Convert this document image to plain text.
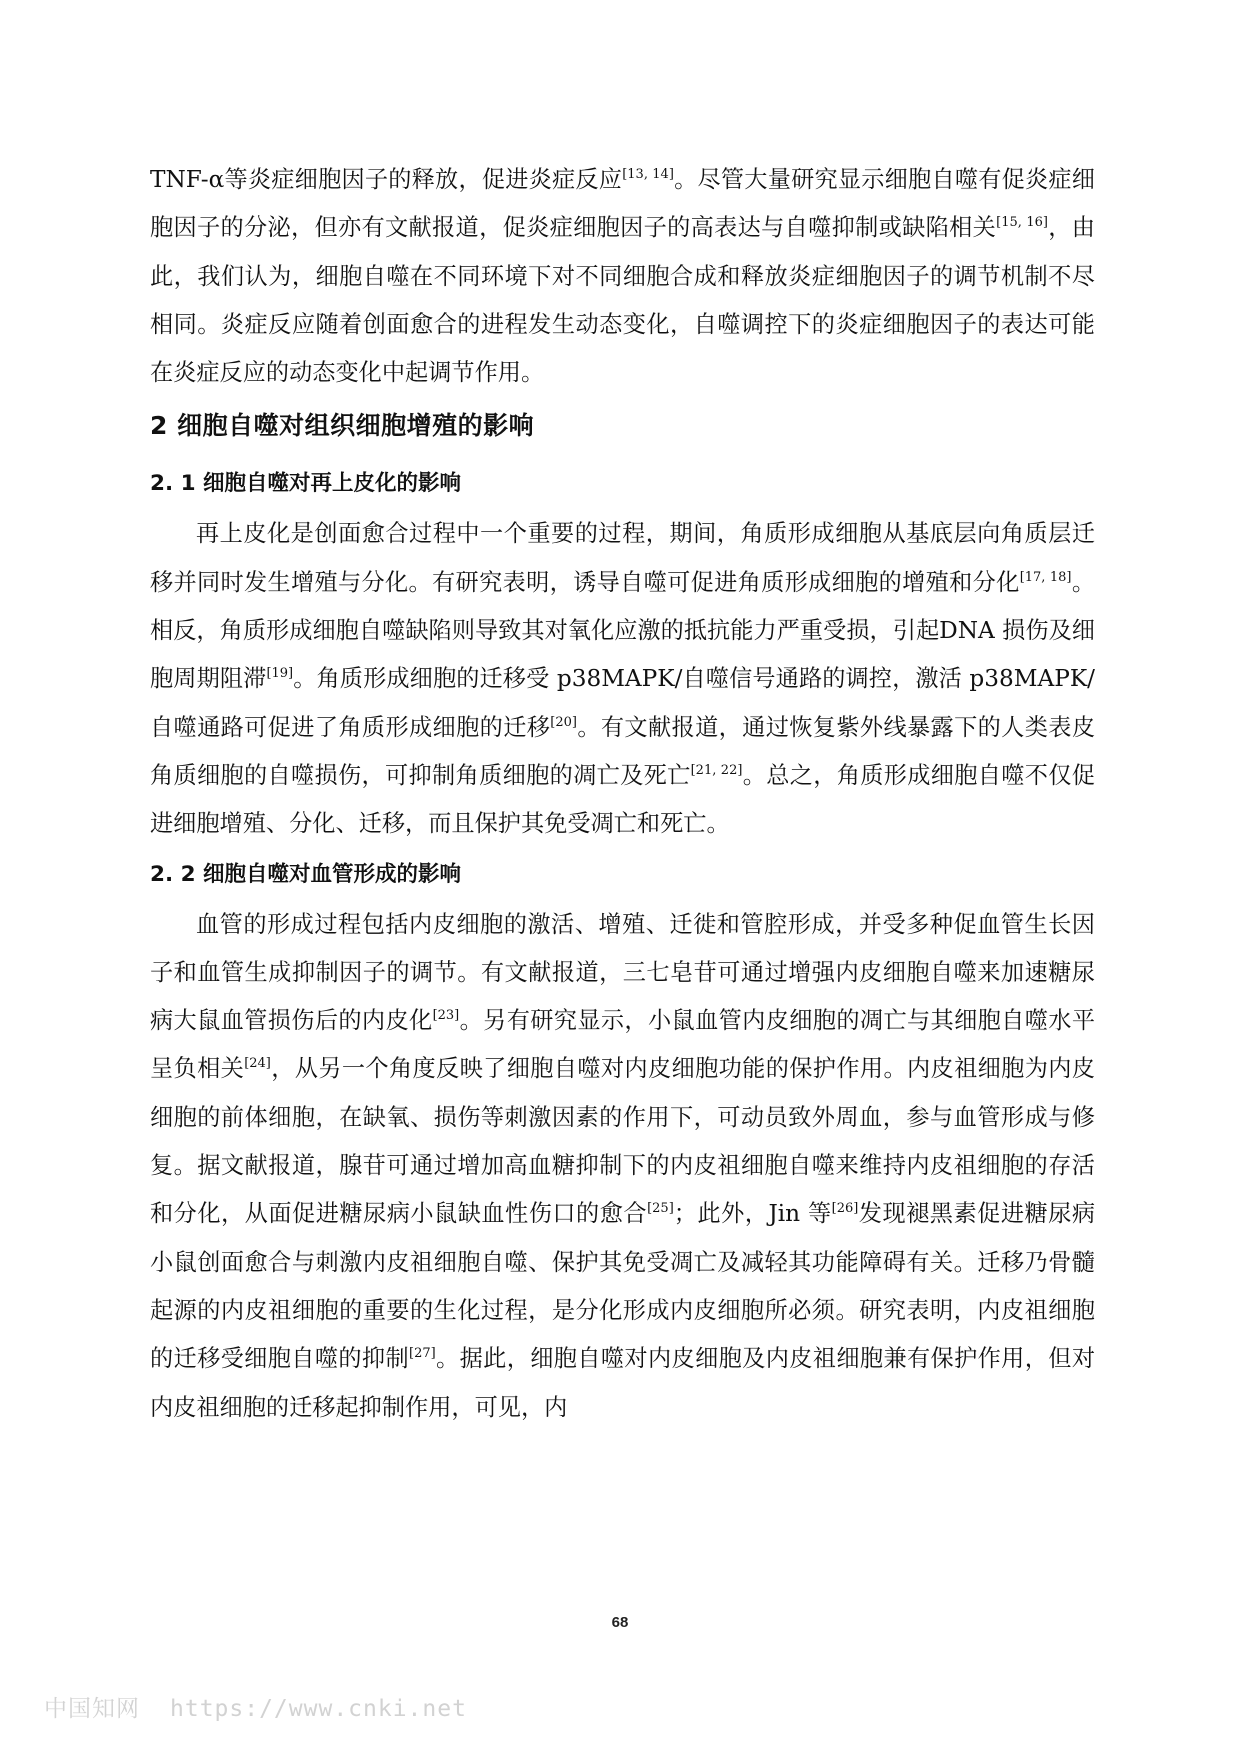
TNF-α等炎症细胞因子的释放，促进炎症反应[13, 14]。尽管大量研究显示细胞自噬有促炎症细胞因子的分泌，但亦有文献报道，促炎症细胞因子的高表达与自噬抑制或缺陷相关[15, 16]，由此，我们认为，细胞自噬在不同环境下对不同细胞合成和释放炎症细胞因子的调节机制不尽相同。炎症反应随着创面愈合的进程发生动态变化，自噬调控下的炎症细胞因子的表达可能在炎症反应的动态变化中起调节作用。

2 细胞自噬对组织细胞增殖的影响
2. 1 细胞自噬对再上皮化的影响

再上皮化是创面愈合过程中一个重要的过程，期间，角质形成细胞从基底层向角质层迁移并同时发生增殖与分化。有研究表明，诱导自噬可促进角质形成细胞的增殖和分化[17, 18]。相反，角质形成细胞自噬缺陷则导致其对氧化应激的抵抗能力严重受损，引起DNA 损伤及细胞周期阻滞[19]。角质形成细胞的迁移受 p38MAPK/自噬信号通路的调控，激活 p38MAPK/自噬通路可促进了角质形成细胞的迁移[20]。有文献报道，通过恢复紫外线暴露下的人类表皮角质细胞的自噬损伤，可抑制角质细胞的凋亡及死亡[21, 22]。总之，角质形成细胞自噬不仅促进细胞增殖、分化、迁移，而且保护其免受凋亡和死亡。

2. 2 细胞自噬对血管形成的影响

血管的形成过程包括内皮细胞的激活、增殖、迁徙和管腔形成，并受多种促血管生长因子和血管生成抑制因子的调节。有文献报道，三七皂苷可通过增强内皮细胞自噬来加速糖尿病大鼠血管损伤后的内皮化[23]。另有研究显示，小鼠血管内皮细胞的凋亡与其细胞自噬水平呈负相关[24]，从另一个角度反映了细胞自噬对内皮细胞功能的保护作用。内皮祖细胞为内皮细胞的前体细胞，在缺氧、损伤等刺激因素的作用下，可动员致外周血，参与血管形成与修复。据文献报道，腺苷可通过增加高血糖抑制下的内皮祖细胞自噬来维持内皮祖细胞的存活和分化，从面促进糖尿病小鼠缺血性伤口的愈合[25]；此外，Jin 等[26]发现褪黑素促进糖尿病小鼠创面愈合与刺激内皮祖细胞自噬、保护其免受凋亡及减轻其功能障碍有关。迁移乃骨髓起源的内皮祖细胞的重要的生化过程，是分化形成内皮细胞所必须。研究表明，内皮祖细胞的迁移受细胞自噬的抑制[27]。据此，细胞自噬对内皮细胞及内皮祖细胞兼有保护作用，但对内皮祖细胞的迁移起抑制作用，可见，内

68
中国知网 https://www.cnki.net
